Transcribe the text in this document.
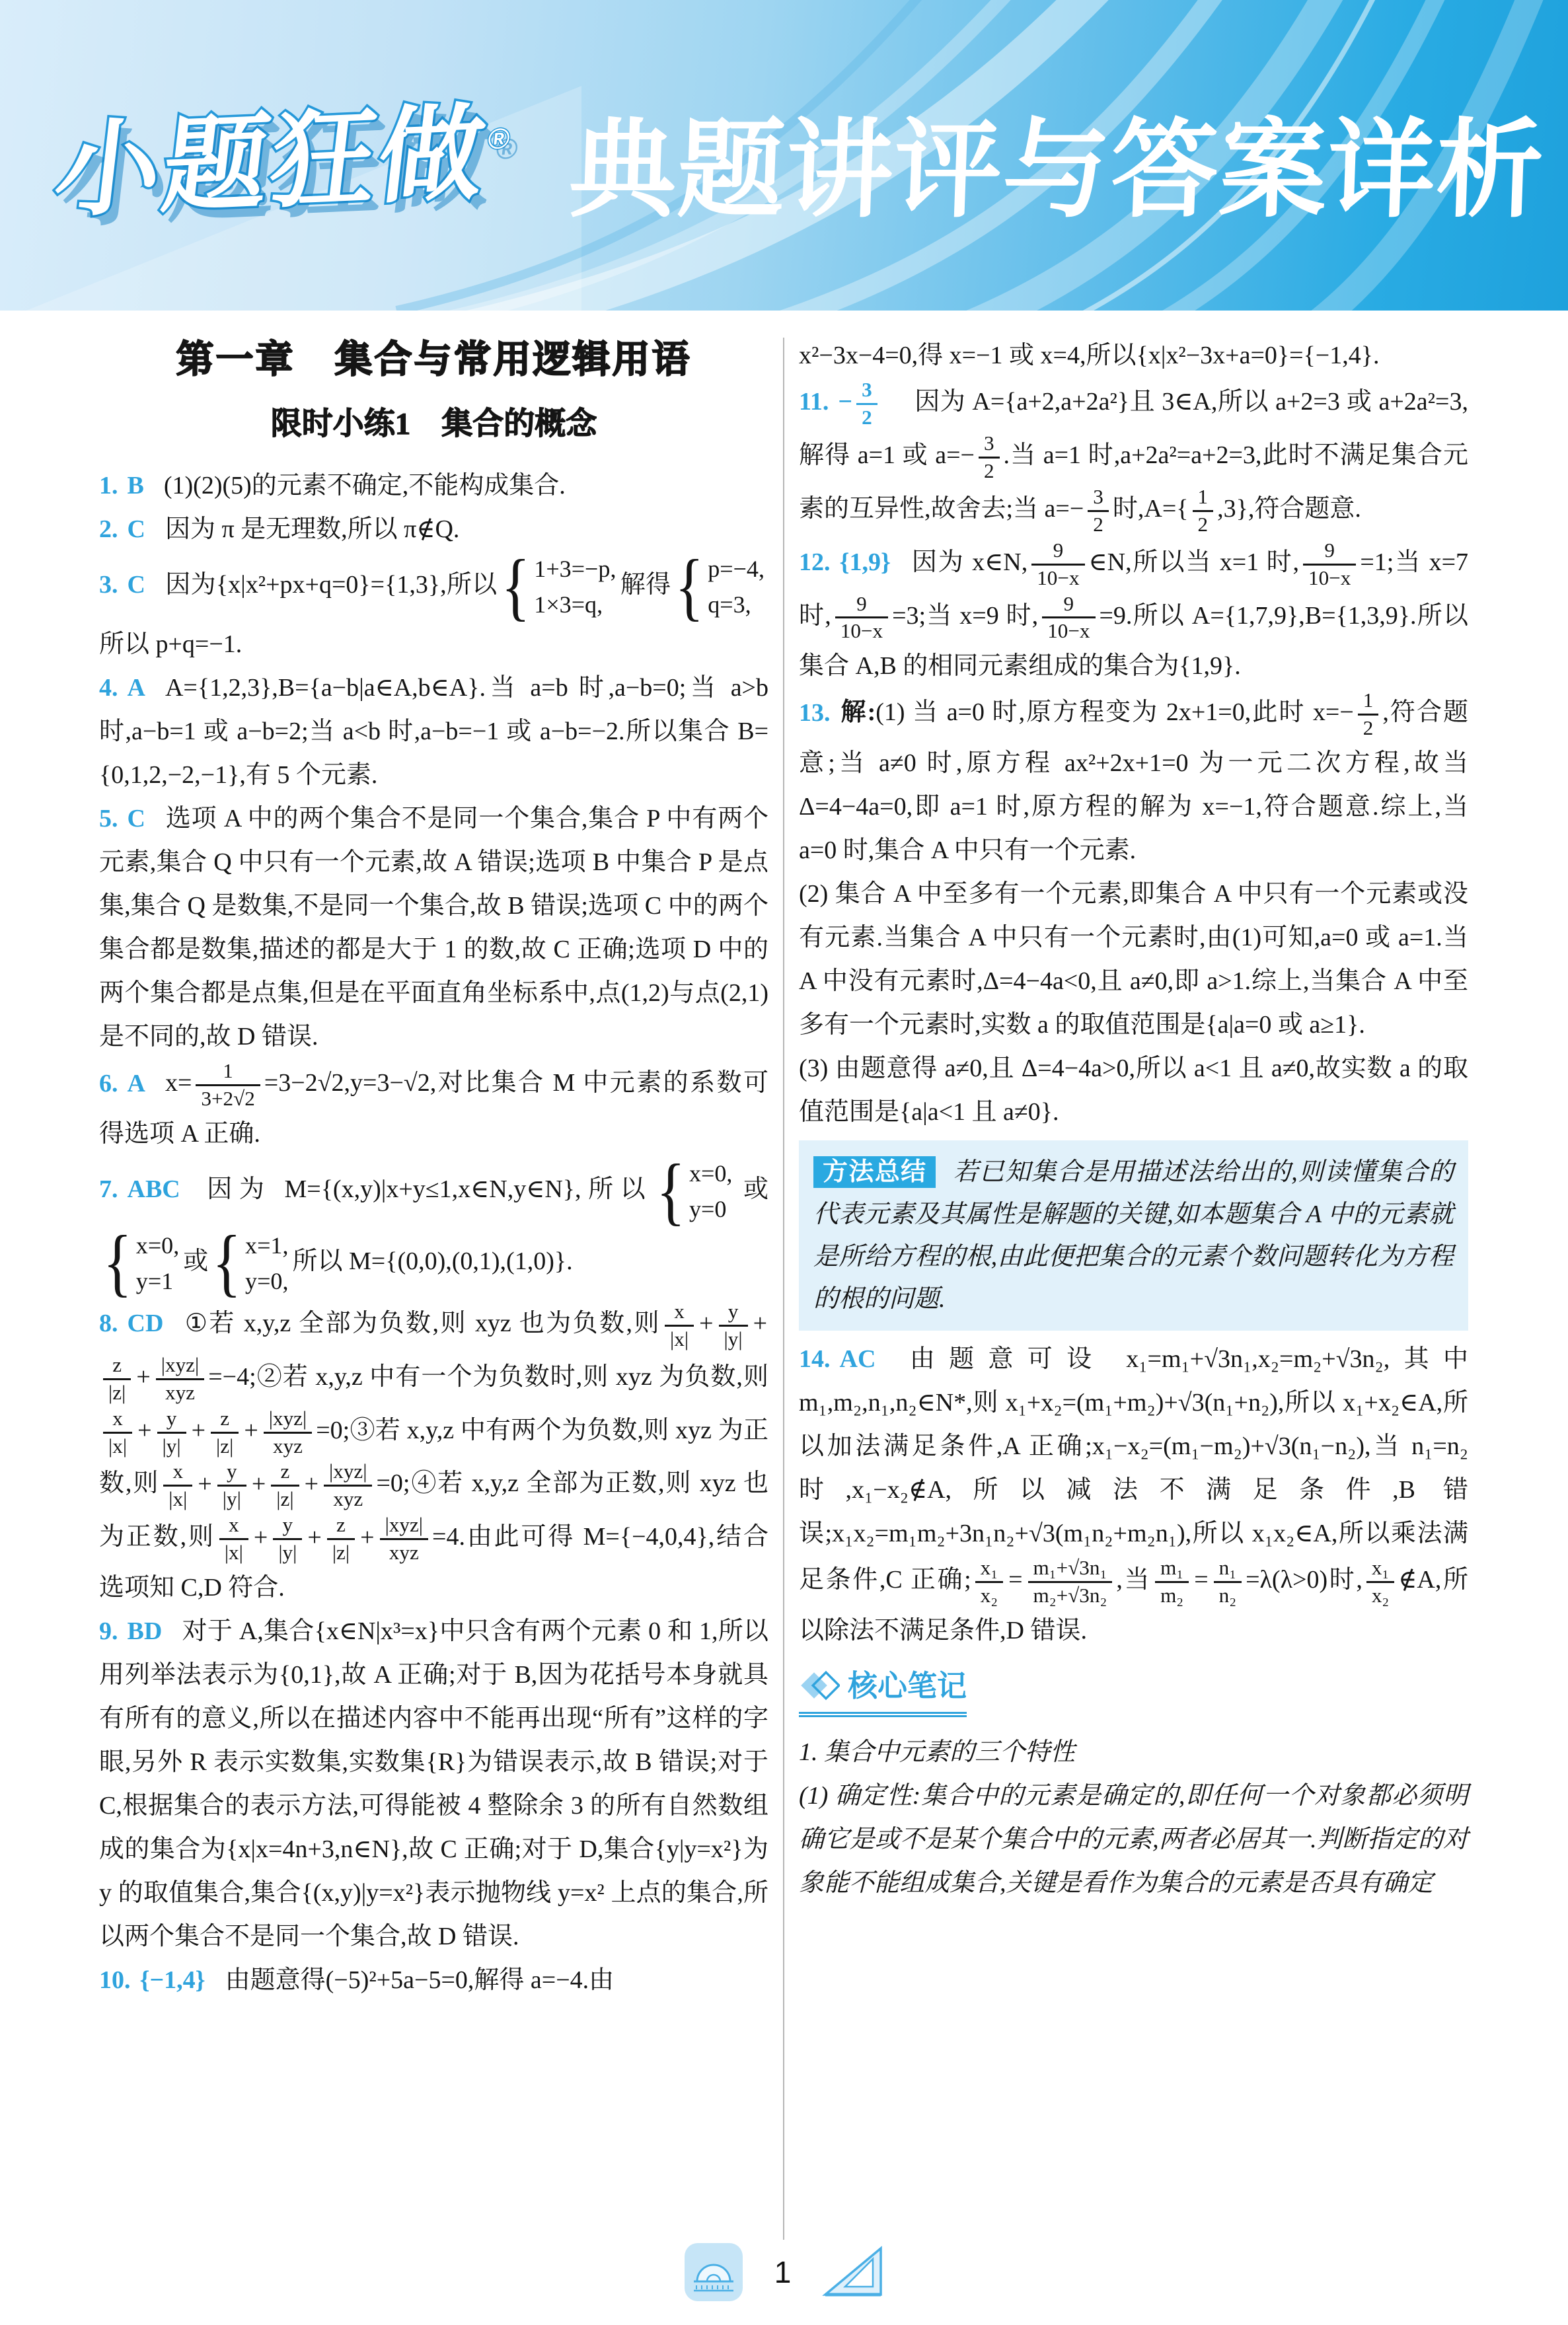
小题狂做® 典题讲评与答案详析
第一章　集合与常用逻辑用语
限时小练1　集合的概念

1. B (1)(2)(5)的元素不确定,不能构成集合.

2. C 因为 π 是无理数,所以 π∉Q.

3. C 因为{x|x²+px+q=0}={1,3},所以 { 1+3=−p,
1×3=q,
解得 { p=−4,
q=3,
所以 p+q=−1.

4. A A={1,2,3},B={a−b|a∈A,b∈A}.当 a=b 时,a−b=0;当 a>b 时,a−b=1 或 a−b=2;当 a<b 时,a−b=−1 或 a−b=−2.所以集合 B={0,1,2,−2,−1},有 5 个元素.

5. C 选项 A 中的两个集合不是同一个集合,集合 P 中有两个元素,集合 Q 中只有一个元素,故 A 错误;选项 B 中集合 P 是点集,集合 Q 是数集,不是同一个集合,故 B 错误;选项 C 中的两个集合都是数集,描述的都是大于 1 的数,故 C 正确;选项 D 中的两个集合都是点集,但是在平面直角坐标系中,点(1,2)与点(2,1)是不同的,故 D 错误.

6. A $x= \frac{1}{3+2√2} =3-2√2,y=3-√2$,对比集合 M 中元素的系数可得选项 A 正确.

7. ABC 因为 M={(x,y)|x+y≤1,x∈N,y∈N},所以 { x=0,
y=0
或
{ x=0,
y=1
或 { x=1,
y=0,
所以 M={(0,0),(0,1),(1,0)}.

8. CD ①若 x,y,z 全部为负数,则 xyz 也为负数,则 $\frac{x}{|x|} + \frac{y}{|y|}$ +
$\frac{z}{|z|} + \frac{\text{|xyz|}}{\text{xyz}}$ =−4;②若 x,y,z 中有一个为负数时,则 xyz 为负数,则
$\frac{x}{|x|} + \frac{y}{|y|} + \frac{z}{|z|} + \frac{\text{|xyz|}}{\text{xyz}}$ =0;③若 x,y,z 中有两个为负数,则 xyz 为正数,则 $\frac{x}{|x|} + \frac{y}{|y|} + \frac{z}{|z|} + \frac{\text{|xyz|}}{\text{xyz}}$ =0;④若 x,y,z 全部为正数,则 xyz 也为正数,则 $\frac{x}{|x|} + \frac{y}{|y|} + \frac{z}{|z|} + \frac{\text{|xyz|}}{\text{xyz}} =4$.由此可得 M={−4,0,4},结合选项知 C,D 符合.

9. BD 对于 A,集合{x∈N|x³=x}中只含有两个元素 0 和 1,所以用列举法表示为{0,1},故 A 正确;对于 B,因为花括号本身就具有所有的意义,所以在描述内容中不能再出现“所有”这样的字眼,另外 R 表示实数集,实数集{R}为错误表示,故 B 错误;对于 C,根据集合的表示方法,可得能被 4 整除余 3 的所有自然数组成的集合为{x|x=4n+3,n∈N},故 C 正确;对于 D,集合{y|y=x²}为 y 的取值集合,集合{(x,y)|y=x²}表示抛物线 y=x² 上点的集合,所以两个集合不是同一个集合,故 D 错误.

10. {−1,4} 由题意得(−5)²+5a−5=0,解得 a=−4.由

x²−3x−4=0,得 x=−1 或 x=4,所以{x|x²−3x+a=0}={−1,4}.

11. − $\frac{3}{2}$ 因为 A={a+2,a+2a²}且 3∈A,所以 a+2=3 或 a+2a²=3,解得 a=1 或 $a=- \frac{3}{2}$ .当 a=1 时,a+2a²=a+2=3,此时不满足集合元素的互异性,故舍去;当 $a=- \frac{3}{2}$ 时$,A=\{ \frac{1}{2} ,3\}$,符合题意.

12. {1,9} 因为 x∈N, $\frac{9}{10-x}$ ∈N,所以当 x=1 时, $\frac{9}{10-x} =1$;当 x=7 时, $\frac{9}{10-x} =3$;当 x=9 时, $\frac{9}{10-x} =9$.所以 A={1,7,9},B={1,3,9}.所以集合 A,B 的相同元素组成的集合为{1,9}.

13. 解:(1) 当 a=0 时,原方程变为 2x+1=0,此时 $x=- \frac{1}{2}$ ,符合题意;当 a≠0 时,原方程 ax²+2x+1=0 为一元二次方程,故当 Δ=4−4a=0,即 a=1 时,原方程的解为 x=−1,符合题意.综上,当 a=0 时,集合 A 中只有一个元素.

(2) 集合 A 中至多有一个元素,即集合 A 中只有一个元素或没有元素.当集合 A 中只有一个元素时,由(1)可知,a=0 或 a=1.当 A 中没有元素时,Δ=4−4a<0,且 a≠0,即 a>1.综上,当集合 A 中至多有一个元素时,实数 a 的取值范围是{a|a=0 或 a≥1}.

(3) 由题意得 a≠0,且 Δ=4−4a>0,所以 a<1 且 a≠0,故实数 a 的取值范围是{a|a<1 且 a≠0}.

方法总结 若已知集合是用描述法给出的,则读懂集合的代表元素及其属性是解题的关键,如本题集合 A 中的元素就是所给方程的根,由此便把集合的元素个数问题转化为方程的根的问题.

14. AC 由题意可设 x₁=m₁+√3n₁,x₂=m₂+√3n₂,其中 m₁,m₂,n₁,n₂∈N*,则 x₁+x₂=(m₁+m₂)+√3(n₁+n₂),所以 x₁+x₂∈A,所以加法满足条件,A 正确;x₁−x₂=(m₁−m₂)+√3(n₁−n₂),当 n₁=n₂ 时,x₁−x₂∉A,所以减法不满足条件,B 错误;x₁x₂=m₁m₂+3n₁n₂+√3(m₁n₂+m₂n₁),所以 x₁x₂∈A,所以乘法满足条件,C 正确; $\frac{\text{x₁}}{\text{x₂}} = \frac{\text{m₁+√3n₁}}{\text{m₂+√3n₂}}$ ,当 $\frac{\text{m₁}}{\text{m₂}} = \frac{\text{n₁}}{\text{n₂}} =\lambda(\lambda>0)$时, $\frac{\text{x₁}}{\text{x₂}}$ ∉A,所以除法不满足条件,D 错误.

核心笔记

1. 集合中元素的三个特性

(1) 确定性:集合中的元素是确定的,即任何一个对象都必须明确它是或不是某个集合中的元素,两者必居其一.判断指定的对象能不能组成集合,关键是看作为集合的元素是否具有确定

1
